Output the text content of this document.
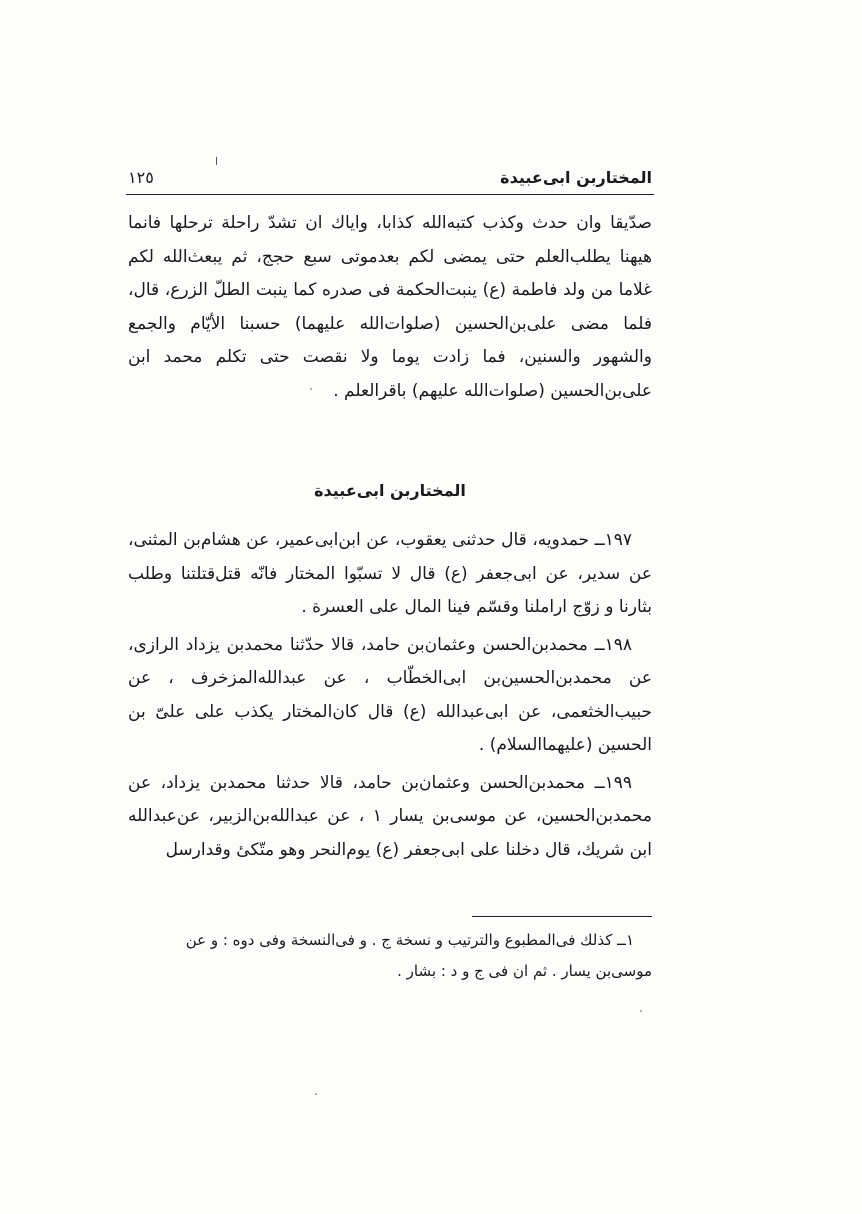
المختاربن ابی‌عبیدة
١٢٥
صدّیقا وان حدث وكذب كتبه‌الله كذابا، وایاك ان تشدّ راحلة ترحلها فانما هیهنا یطلب‌العلم حتی یمضی لكم بعدموتی سبع حجج، ثم یبعث‌الله لكم غلاما من ولد فاطمة (ع) ینبت‌الحكمة فی صدره كما ینبت الطلّ الزرع، قال، فلما مضی علی‌بن‌الحسین (صلوات‌الله علیهما) حسبنا الأیّام والجمع والشهور والسنین، فما زادت یوما ولا نقصت حتی تكلم محمد ابن علی‌بن‌الحسین (صلوات‌الله علیهم) باقرالعلم .
المختاربن ابی‌عبیدة

١٩٧ــ حمدویه، قال حدثنی یعقوب، عن ابن‌ابی‌عمیر، عن هشام‌بن المثنی، عن سدیر، عن ابی‌جعفر (ع) قال لا تسبّوا المختار فانّه قتل‌قتلتنا وطلب بثارنا و زوّج اراملنا وقسّم فینا المال علی العسرة .

١٩٨ــ محمدبن‌الحسن وعثمان‌بن حامد، قالا حدّثنا محمدبن یزداد الرازی، عن محمدبن‌الحسین‌بن ابی‌الخطّاب ، عن عبدالله‌المزخرف ، عن حبیب‌الخثعمی، عن ابی‌عبدالله (ع) قال كان‌المختار یكذب علی علیّ بن الحسین (علیهما‌السلام) .

١٩٩ــ محمدبن‌الحسن وعثمان‌بن حامد، قالا حدثنا محمدبن یزداد، عن محمدبن‌الحسین، عن موسی‌بن یسار ١ ، عن عبدالله‌بن‌الزبیر، عن‌عبدالله ابن شریك، قال دخلنا علی ابی‌جعفر (ع) یوم‌النحر وهو متّكیٔ وقدارسل

١ــ كذلك فی‌المطبوع والترتیب و نسخة ج . و فی‌النسخة وفی دوه : و عن موسی‌بن یسار . ثم ان فی ج و د : بشار .
